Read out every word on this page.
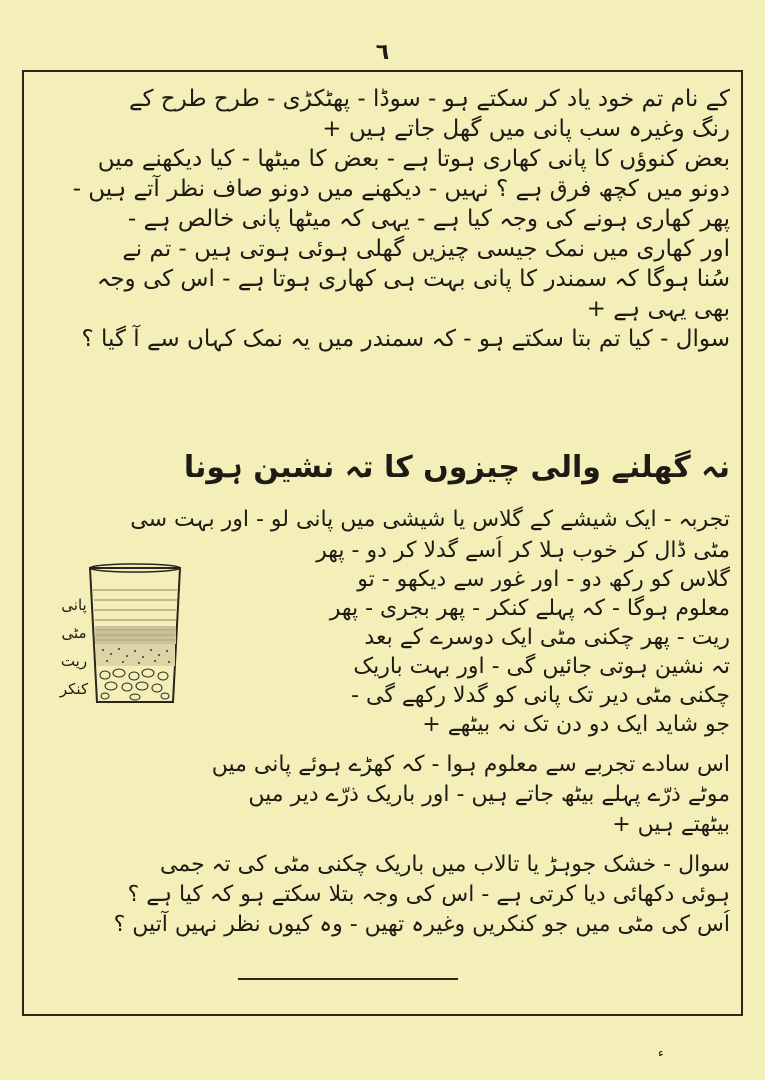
٦
کے نام تم خود یاد کر سکتے ہو - سوڈا - پھٹکڑی - طرح طرح کے
رنگ وغیرہ سب پانی میں گھل جاتے ہیں +
بعض کنوؤں کا پانی کھاری ہوتا ہے - بعض کا میٹھا - کیا دیکھنے میں
دونو میں کچھ فرق ہے ؟ نہیں - دیکھنے میں دونو صاف نظر آتے ہیں -
پھر کھاری ہونے کی وجہ کیا ہے - یہی کہ میٹھا پانی خالص ہے -
اور کھاری میں نمک جیسی چیزیں گھلی ہوئی ہوتی ہیں - تم نے
سُنا ہوگا کہ سمندر کا پانی بہت ہی کھاری ہوتا ہے - اس کی وجہ
بھی یہی ہے +
سوال - کیا تم بتا سکتے ہو - کہ سمندر میں یہ نمک کہاں سے آ گیا ؟
نہ گھلنے والی چیزوں کا تہ نشین ہونا
تجربہ - ایک شیشے کے گلاس یا شیشی میں پانی لو - اور بہت سی
مٹی ڈال کر خوب ہلا کر اُسے گدلا کر دو - پھر
گلاس کو رکھ دو - اور غور سے دیکھو - تو
معلوم ہوگا - کہ پہلے کنکر - پھر بجری - پھر
ریت - پھر چکنی مٹی ایک دوسرے کے بعد
تہ نشین ہوتی جائیں گی - اور بہت باریک
چکنی مٹی دیر تک پانی کو گدلا رکھے گی -
جو شاید ایک دو دن تک نہ بیٹھے +
پانی
مٹی
ریت
کنکر
اس سادے تجربے سے معلوم ہوا - کہ کھڑے ہوئے پانی میں
موٹے ذرّے پہلے بیٹھ جاتے ہیں - اور باریک ذرّے دیر میں
بیٹھتے ہیں +
سوال - خشک جوہڑ یا تالاب میں باریک چکنی مٹی کی تہ جمی
ہوئی دکھائی دیا کرتی ہے - اس کی وجہ بتلا سکتے ہو کہ کیا ہے ؟
اُس کی مٹی میں جو کنکریں وغیرہ تھیں - وہ کیوں نظر نہیں آتیں ؟
ء
